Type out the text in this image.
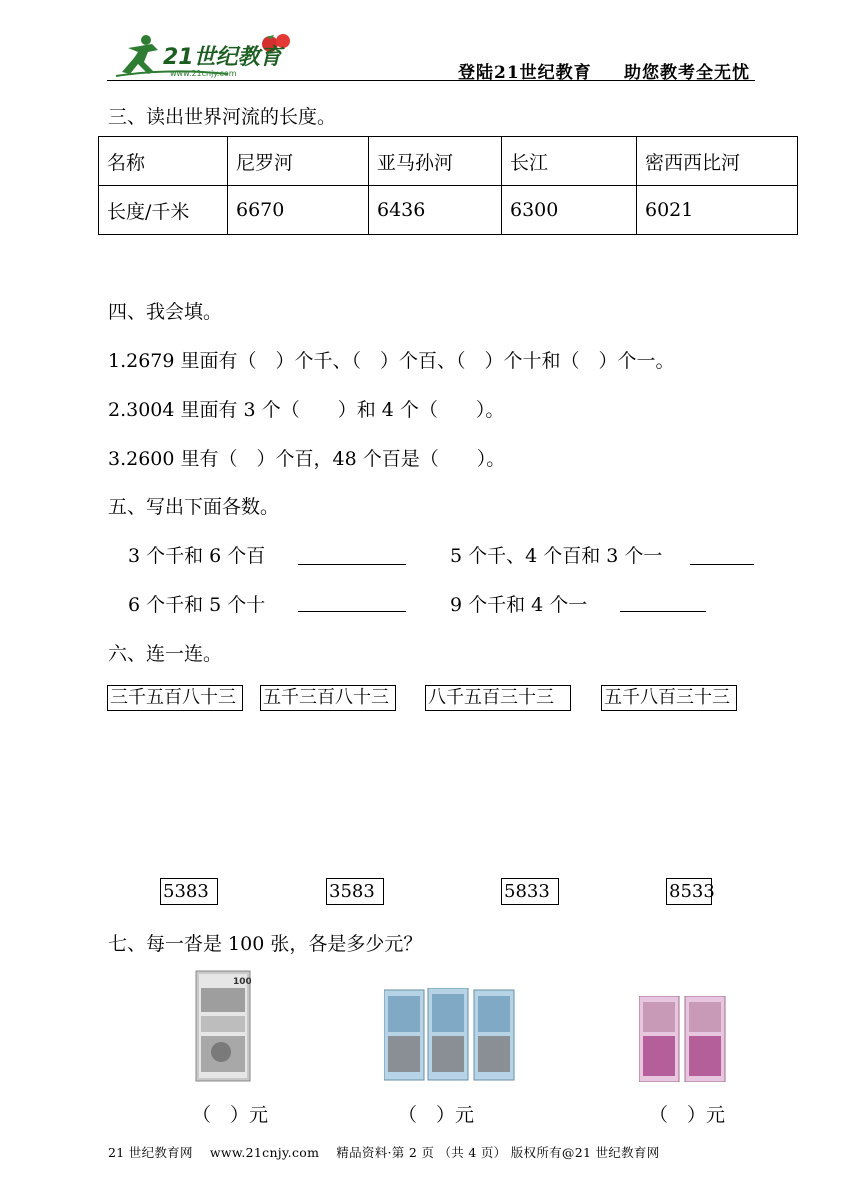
21世纪教育
www.21cnjy.com	登陆21世纪教育 助您教考全无忧
三、读出世界河流的长度。
名称	尼罗河	亚马孙河	长江	密西西比河
长度/千米	6670	6436	6300	6021
四、我会填。
1.2679 里面有（　）个千、（　）个百、（　）个十和（　）个一。
2.3004 里面有 3 个（　　）和 4 个（　　）。
3.2600 里有（　）个百，48 个百是（　　）。
五、写出下面各数。
3 个千和 6 个百	5 个千、4 个百和 3 个一
6 个千和 5 个十	9 个千和 4 个一
六、连一连。
三千五百八十三	五千三百八十三	八千五百三十三	五千八百三十三
5383	3583	5833	8533
七、每一沓是 100 张，各是多少元？
100
（　）元	（　）元	（　）元
21 世纪教育网　 www.21cnjy.com　 精品资料·第 2 页 （共 4 页） 版权所有@21 世纪教育网
